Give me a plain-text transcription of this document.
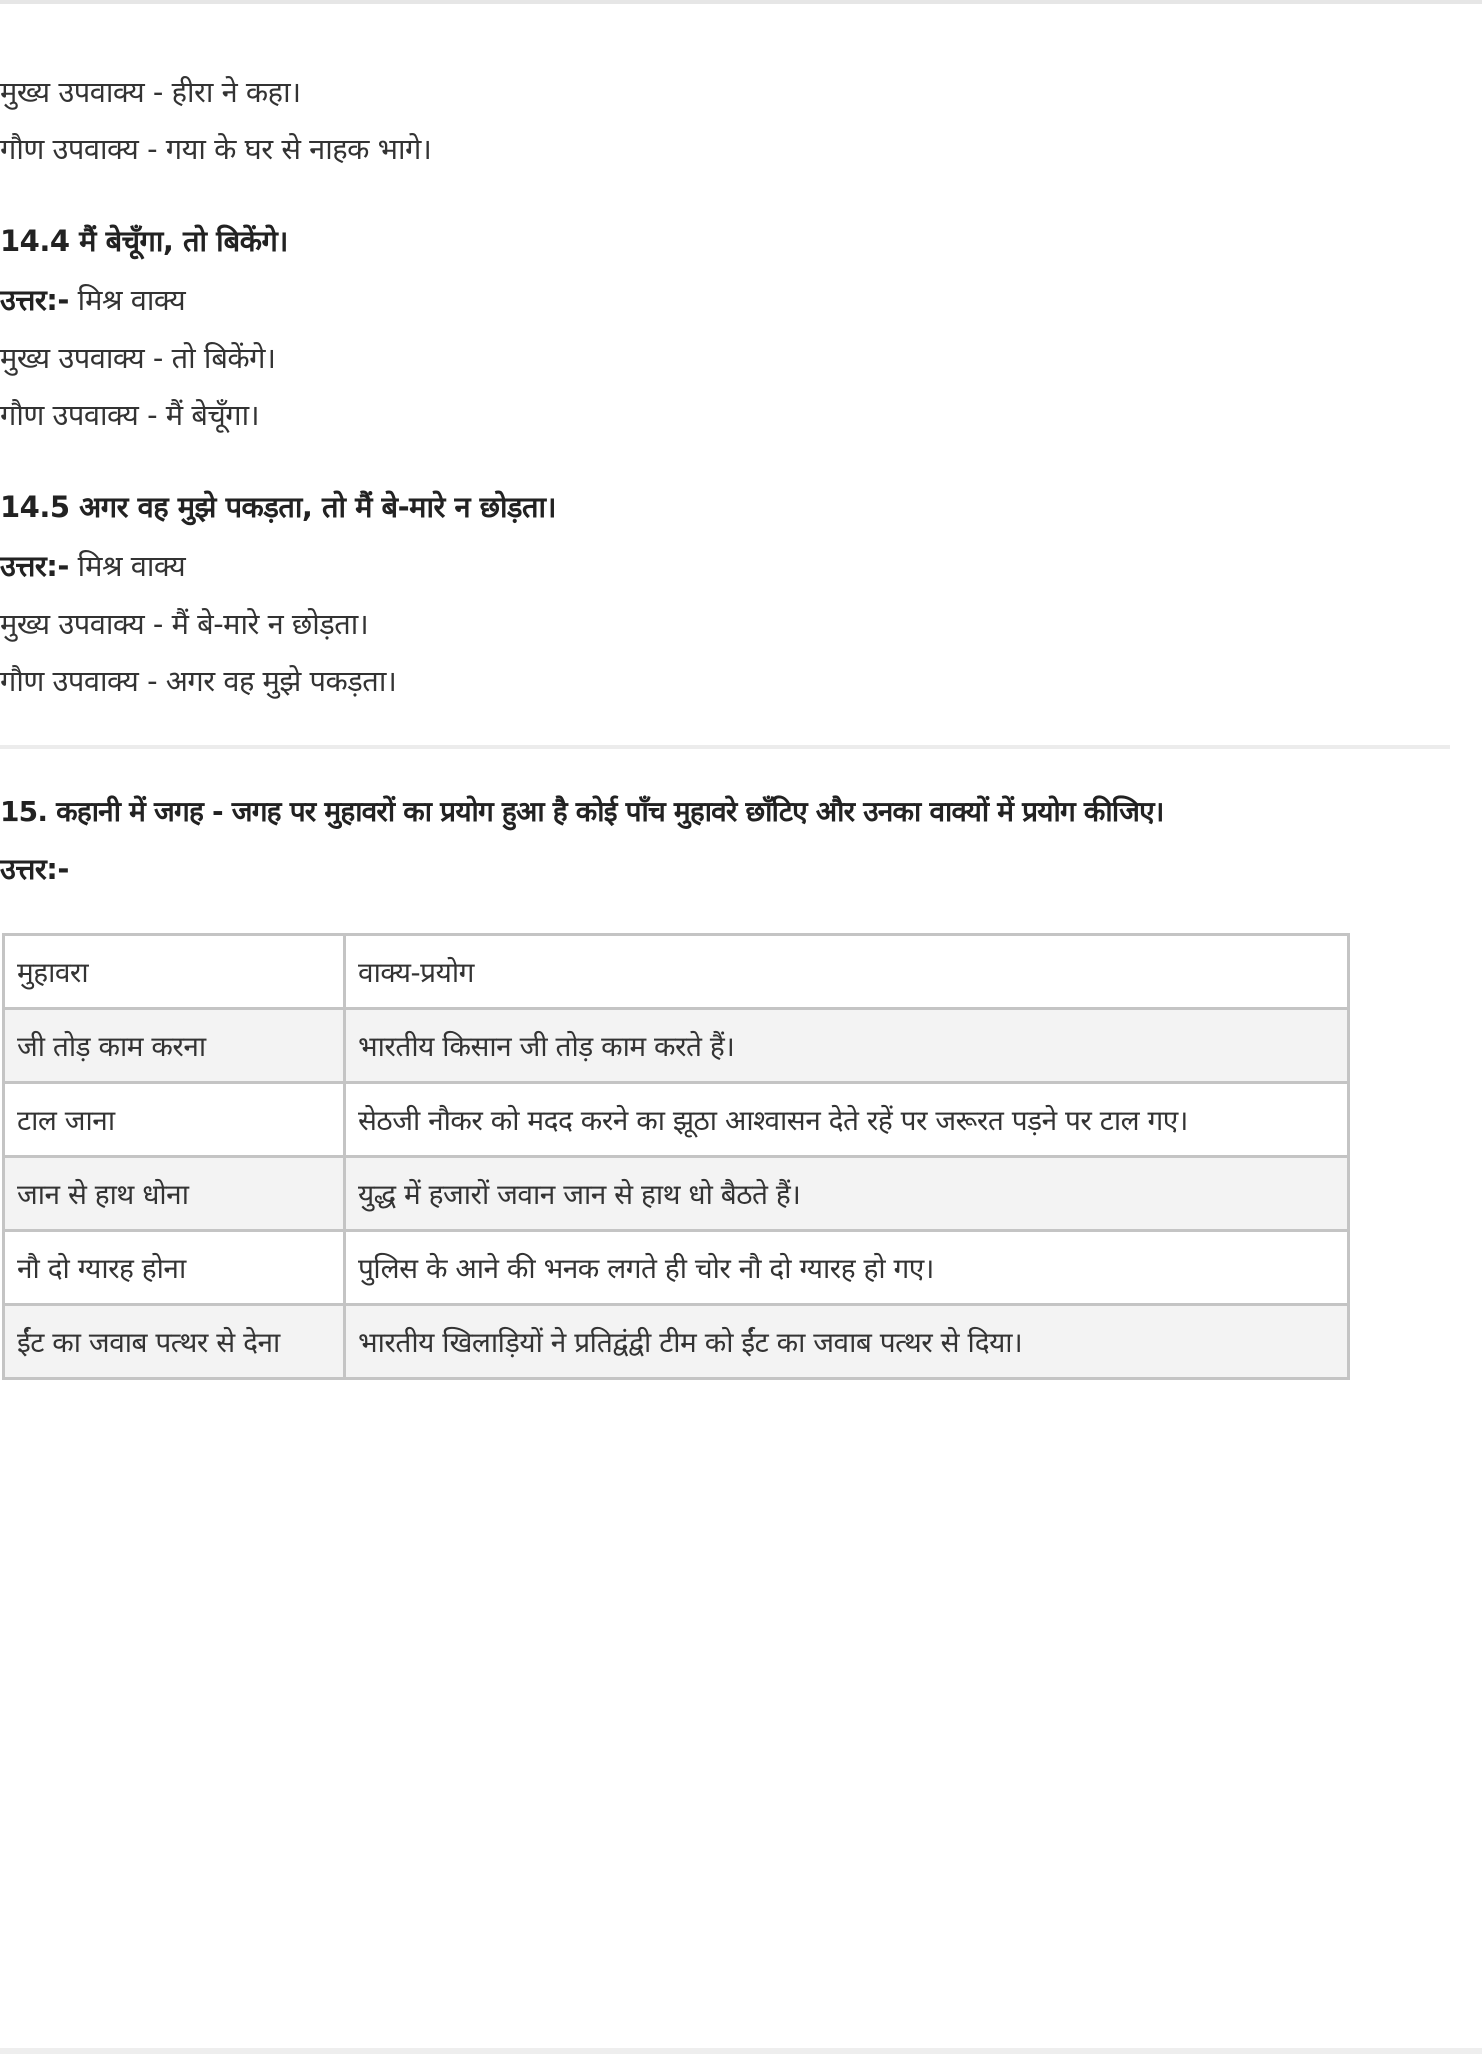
मुख्य उपवाक्य - हीरा ने कहा।
गौण उपवाक्य - गया के घर से नाहक भागे।
14.4 मैं बेचूँगा, तो बिकेंगे।
उत्तर:- मिश्र वाक्य
मुख्य उपवाक्य - तो बिकेंगे।
गौण उपवाक्य - मैं बेचूँगा।
14.5 अगर वह मुझे पकड़ता, तो मैं बे-मारे न छोड़ता।
उत्तर:- मिश्र वाक्य
मुख्य उपवाक्य - मैं बे-मारे न छोड़ता।
गौण उपवाक्य - अगर वह मुझे पकड़ता।
15. कहानी में जगह - जगह पर मुहावरों का प्रयोग हुआ है कोई पाँच मुहावरे छाँटिए और उनका वाक्यों में प्रयोग कीजिए।
उत्तर:-
मुहावरा	वाक्य-प्रयोग
जी तोड़ काम करना	भारतीय किसान जी तोड़ काम करते हैं।
टाल जाना	सेठजी नौकर को मदद करने का झूठा आश्वासन देते रहें पर जरूरत पड़ने पर टाल गए।
जान से हाथ धोना	युद्ध में हजारों जवान जान से हाथ धो बैठते हैं।
नौ दो ग्यारह होना	पुलिस के आने की भनक लगते ही चोर नौ दो ग्यारह हो गए।
ईंट का जवाब पत्थर से देना	भारतीय खिलाड़ियों ने प्रतिद्वंद्वी टीम को ईंट का जवाब पत्थर से दिया।
